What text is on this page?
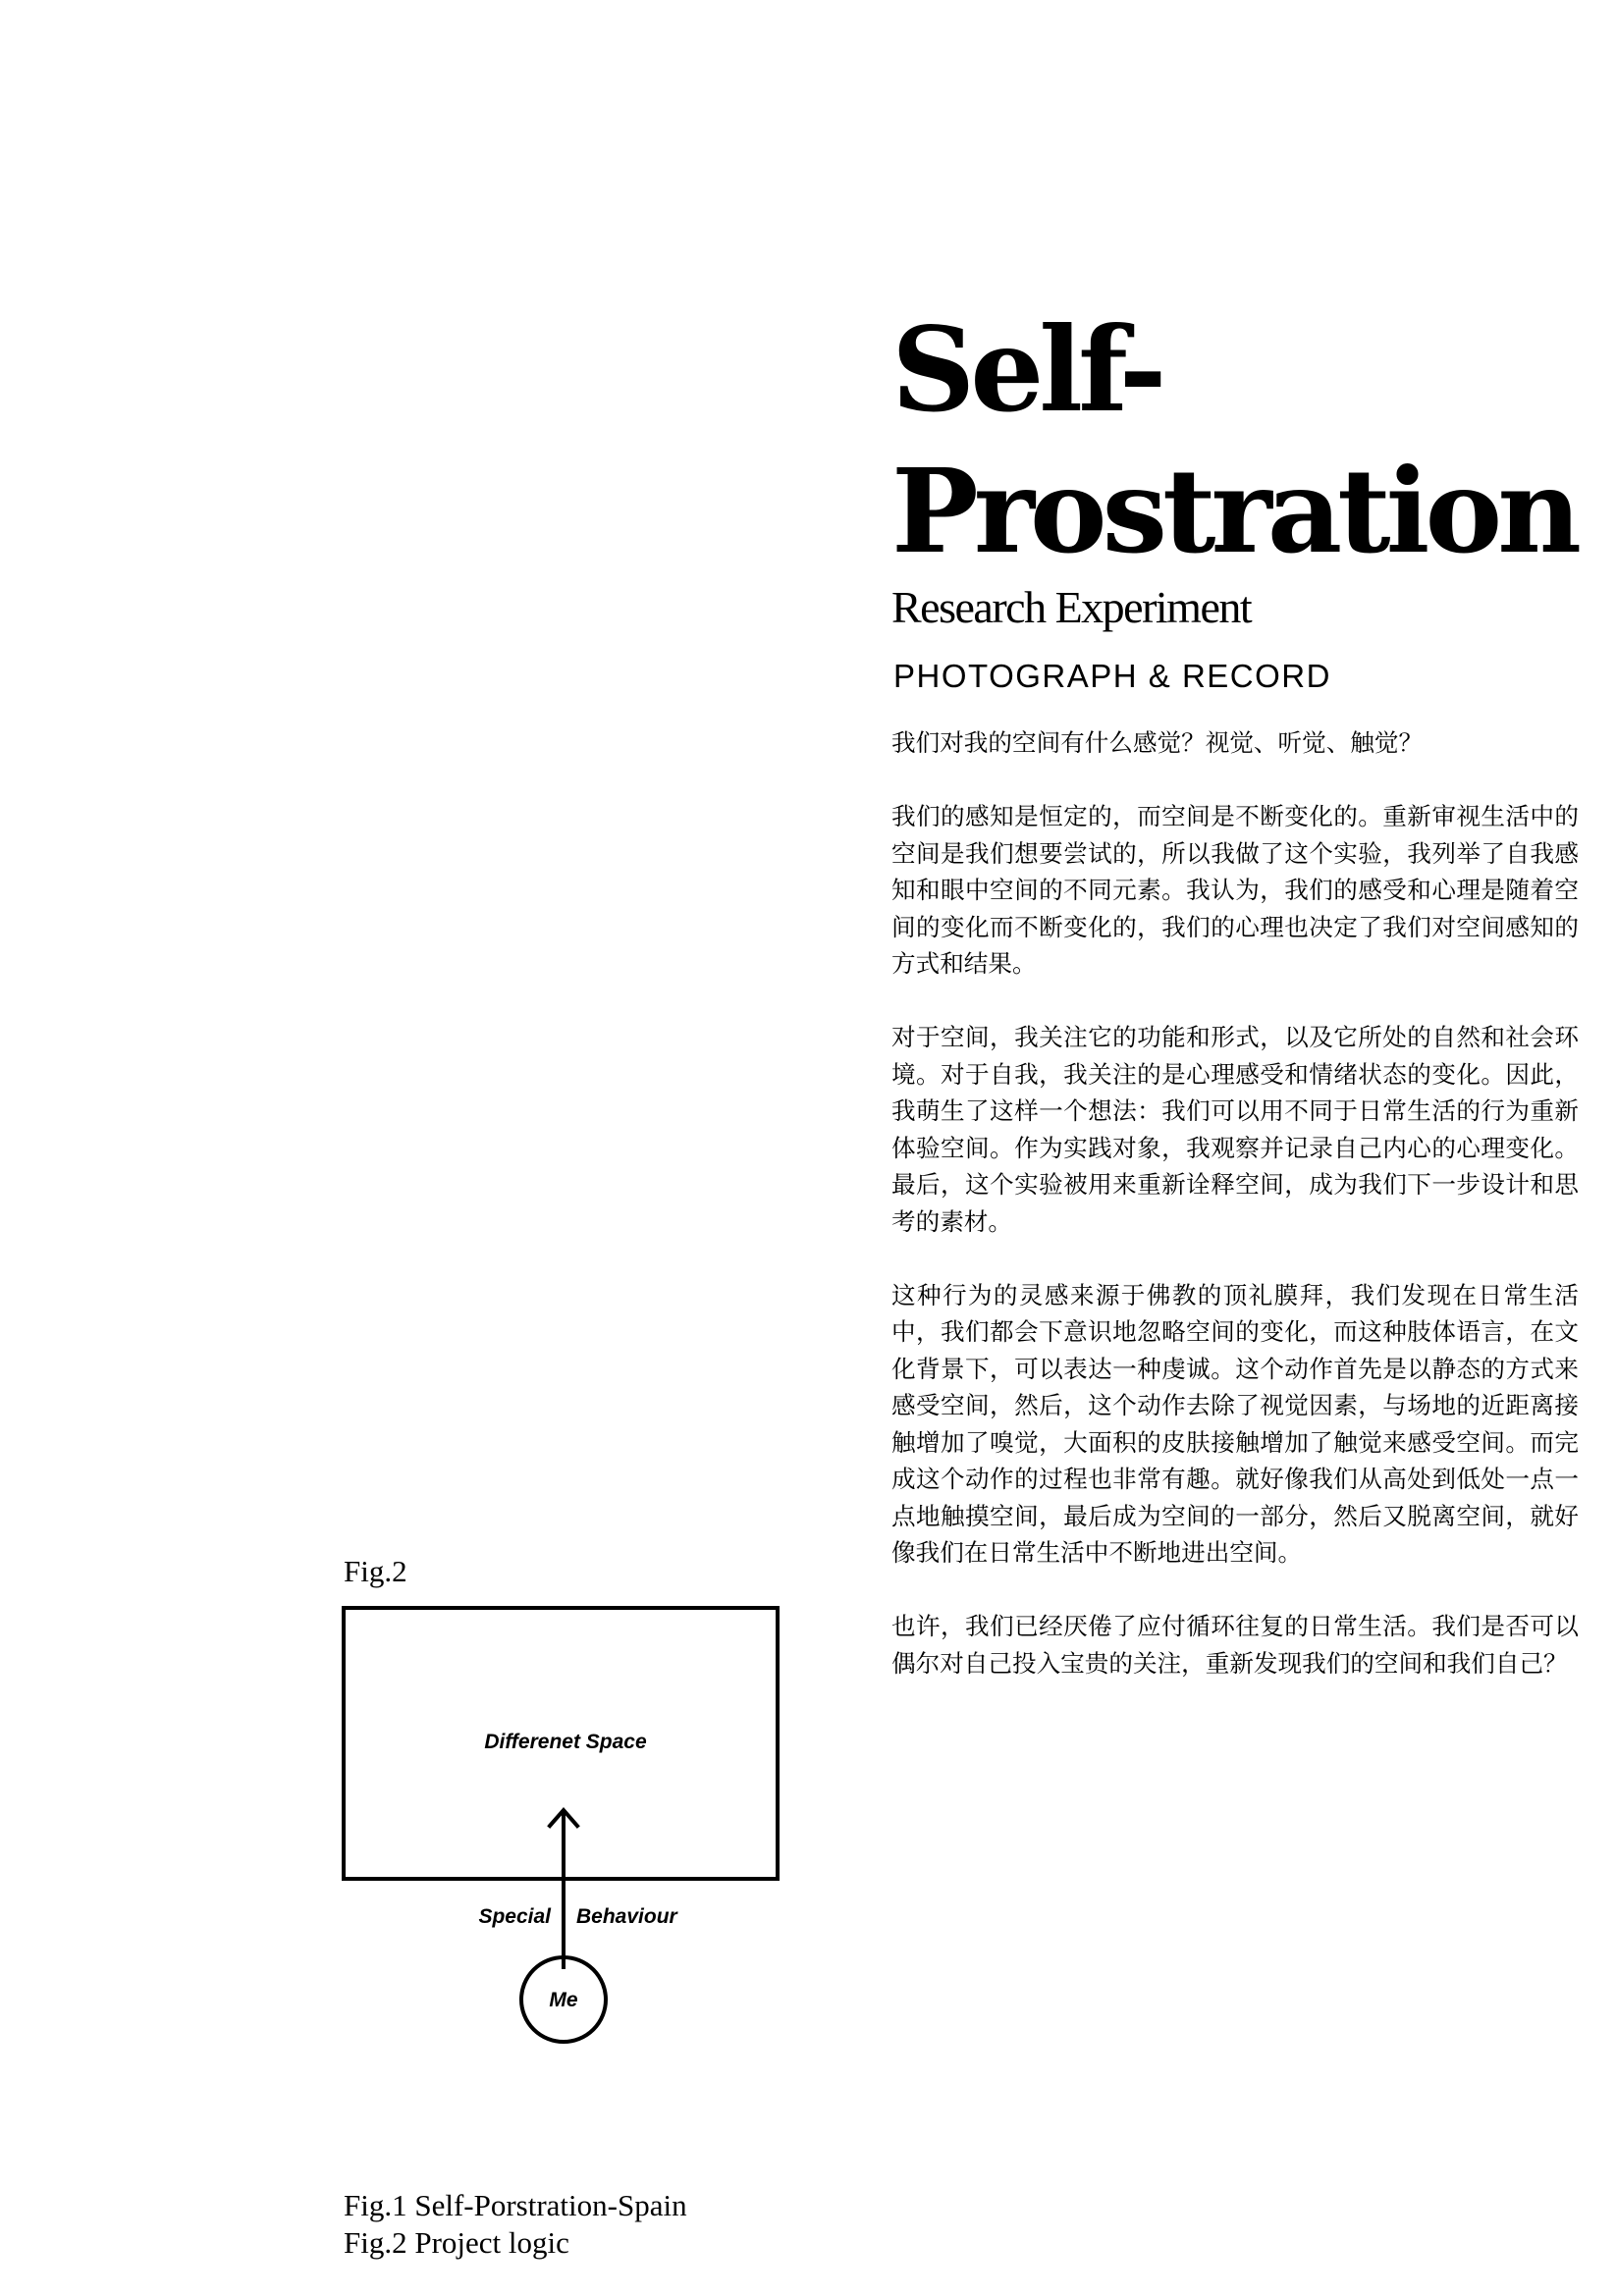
Self-
Prostration
Research Experiment
PHOTOGRAPH & RECORD

我们对我的空间有什么感觉？视觉、听觉、触觉？

我们的感知是恒定的，而空间是不断变化的。重新审视生活中的空间是我们想要尝试的，所以我做了这个实验，我列举了自我感知和眼中空间的不同元素。我认为，我们的感受和心理是随着空间的变化而不断变化的，我们的心理也决定了我们对空间感知的方式和结果。

对于空间，我关注它的功能和形式，以及它所处的自然和社会环境。对于自我，我关注的是心理感受和情绪状态的变化。因此，我萌生了这样一个想法：我们可以用不同于日常生活的行为重新体验空间。作为实践对象，我观察并记录自己内心的心理变化。最后，这个实验被用来重新诠释空间，成为我们下一步设计和思考的素材。

这种行为的灵感来源于佛教的顶礼膜拜，我们发现在日常生活中，我们都会下意识地忽略空间的变化，而这种肢体语言，在文化背景下，可以表达一种虔诚。这个动作首先是以静态的方式来感受空间，然后，这个动作去除了视觉因素，与场地的近距离接触增加了嗅觉，大面积的皮肤接触增加了触觉来感受空间。而完成这个动作的过程也非常有趣。就好像我们从高处到低处一点一点地触摸空间，最后成为空间的一部分，然后又脱离空间，就好像我们在日常生活中不断地进出空间。

也许，我们已经厌倦了应付循环往复的日常生活。我们是否可以偶尔对自己投入宝贵的关注，重新发现我们的空间和我们自己？

Fig.2
Differenet Space
Special Behaviour
Me
Fig.1 Self-Porstration-Spain
Fig.2 Project logic
